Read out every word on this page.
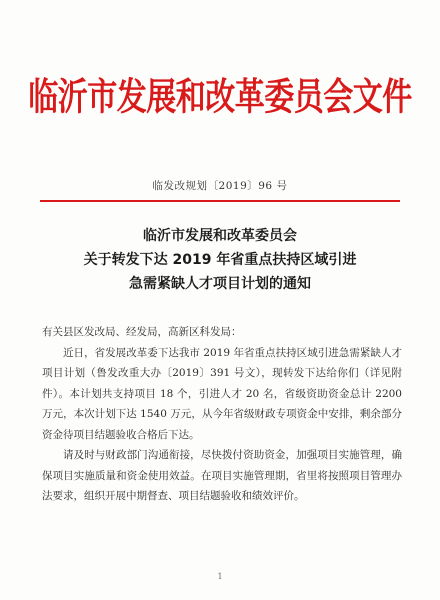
临沂市发展和改革委员会文件
临发改规划〔2019〕96 号
临沂市发展和改革委员会
关于转发下达 2019 年省重点扶持区域引进
急需紧缺人才项目计划的通知

有关县区发改局、经发局，高新区科发局：

近日，省发展改革委下达我市 2019 年省重点扶持区域引进急需紧缺人才项目计划（鲁发改重大办〔2019〕391 号文），现转发下达给你们（详见附件）。本计划共支持项目 18 个，引进人才 20 名，省级资助资金总计 2200 万元，本次计划下达 1540 万元，从今年省级财政专项资金中安排，剩余部分资金待项目结题验收合格后下达。

请及时与财政部门沟通衔接，尽快拨付资助资金，加强项目实施管理，确保项目实施质量和资金使用效益。在项目实施管理期，省里将按照项目管理办法要求，组织开展中期督查、项目结题验收和绩效评价。

1
